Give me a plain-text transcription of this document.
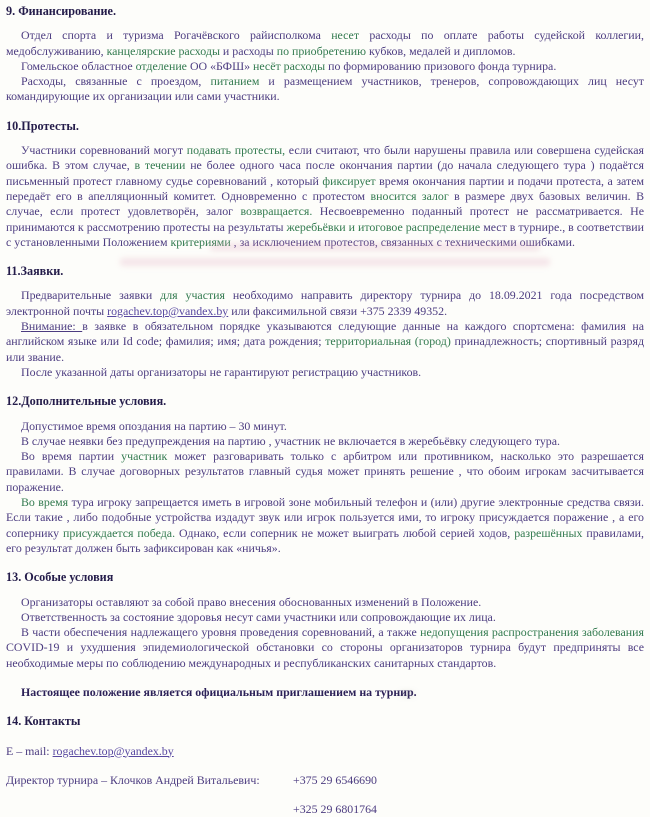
9. Финансирование.

Отдел спорта и туризма Рогачёвского райисполкома несет расходы по оплате работы судейской коллегии, медобслуживанию, канцелярские расходы и расходы по приобретению кубков, медалей и дипломов.

Гомельское областное отделение ОО «БФШ» несёт расходы по формированию призового фонда турнира.

Расходы, связанные с проездом, питанием и размещением участников, тренеров, сопровождающих лиц несут командирующие их организации или сами участники.

10.Протесты.

Участники соревнований могут подавать протесты, если считают, что были нарушены правила или совершена судейская ошибка. В этом случае, в течении не более одного часа после окончания партии (до начала следующего тура ) подаётся письменный протест главному судье соревнований , который фиксирует время окончания партии и подачи протеста, а затем передаёт его в апелляционный комитет. Одновременно с протестом вносится залог в размере двух базовых величин. В случае, если протест удовлетворён, залог возвращается. Несвоевременно поданный протест не рассматривается. Не принимаются к рассмотрению протесты на результаты жеребьёвки и итоговое распределение мест в турнире., в соответствии с установленными Положением критериями , за исключением протестов, связанных с техническими ошибками.

11.Заявки.

Предварительные заявки для участия необходимо направить директору турнира до 18.09.2021 года посредством электронной почты rogachev.top@vandex.by или факсимильной связи +375 2339 49352.

Внимание: в заявке в обязательном порядке указываются следующие данные на каждого спортсмена: фамилия на английском языке или Id code; фамилия; имя; дата рождения; территориальная (город) принадлежность; спортивный разряд или звание.

После указанной даты организаторы не гарантируют регистрацию участников.

12.Дополнительные условия.

Допустимое время опоздания на партию – 30 минут.

В случае неявки без предупреждения на партию , участник не включается в жеребьёвку следующего тура.

Во время партии участник может разговаривать только с арбитром или противником, насколько это разрешается правилами. В случае договорных результатов главный судья может принять решение , что обоим игрокам засчитывается поражение.

Во время тура игроку запрещается иметь в игровой зоне мобильный телефон и (или) другие электронные средства связи. Если такие , либо подобные устройства издадут звук или игрок пользуется ими, то игроку присуждается поражение , а его сопернику присуждается победа. Однако, если соперник не может выиграть любой серией ходов, разрешённых правилами, его результат должен быть зафиксирован как «ничья».

13. Особые условия

Организаторы оставляют за собой право внесения обоснованных изменений в Положение.

Ответственность за состояние здоровья несут сами участники или сопровождающие их лица.

В части обеспечения надлежащего уровня проведения соревнований, а также недопущения распространения заболевания COVID-19 и ухудшения эпидемиологической обстановки со стороны организаторов турнира будут предприняты все необходимые меры по соблюдению международных и республиканских санитарных стандартов.

Настоящее положение является официальным приглашением на турнир.

14. Контакты

E – mail: rogachev.top@yandex.by

Директор турнира – Клочков Андрей Витальевич:	+375 29 6546690
+325 29 6801764
